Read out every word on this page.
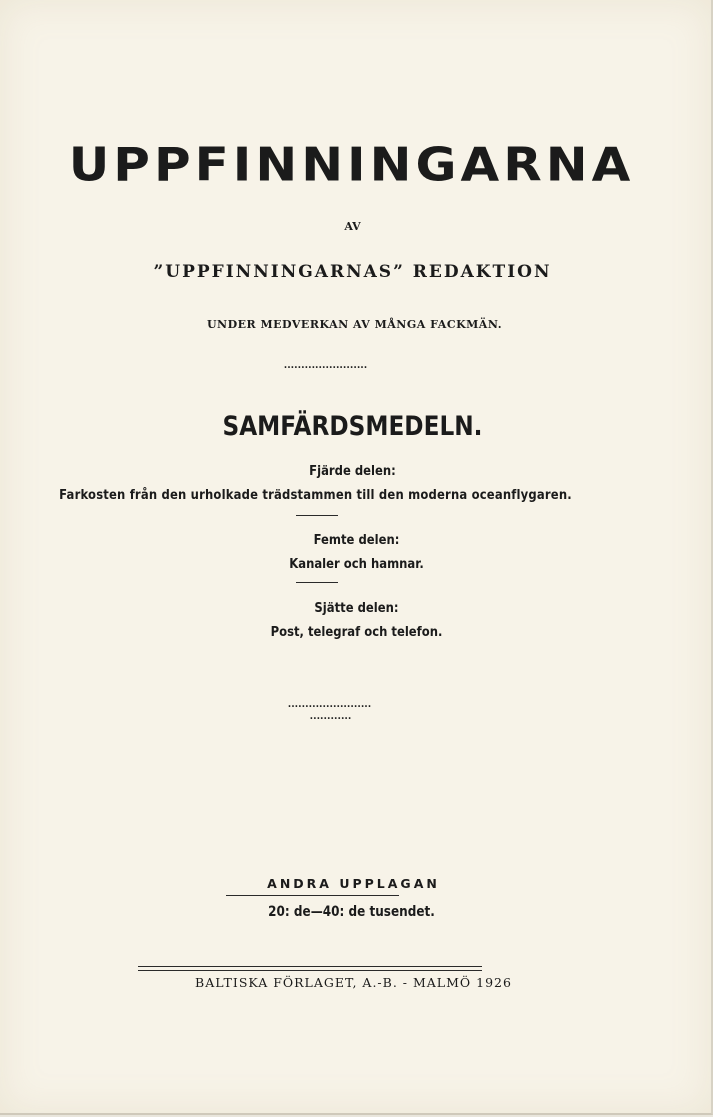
UPPFINNINGARNA

AV

”UPPFINNINGARNAS” REDAKTION

UNDER MEDVERKAN AV MÅNGA FACKMÄN.

........................

SAMFÄRDSMEDELN.

Fjärde delen:

Farkosten från den urholkade trädstammen till den moderna oceanflygaren.

Femte delen:

Kanaler och hamnar.

Sjätte delen:

Post, telegraf och telefon.

........................

............

ANDRA UPPLAGAN

20: de—40: de tusendet.

BALTISKA FÖRLAGET, A.-B. - MALMÖ 1926
